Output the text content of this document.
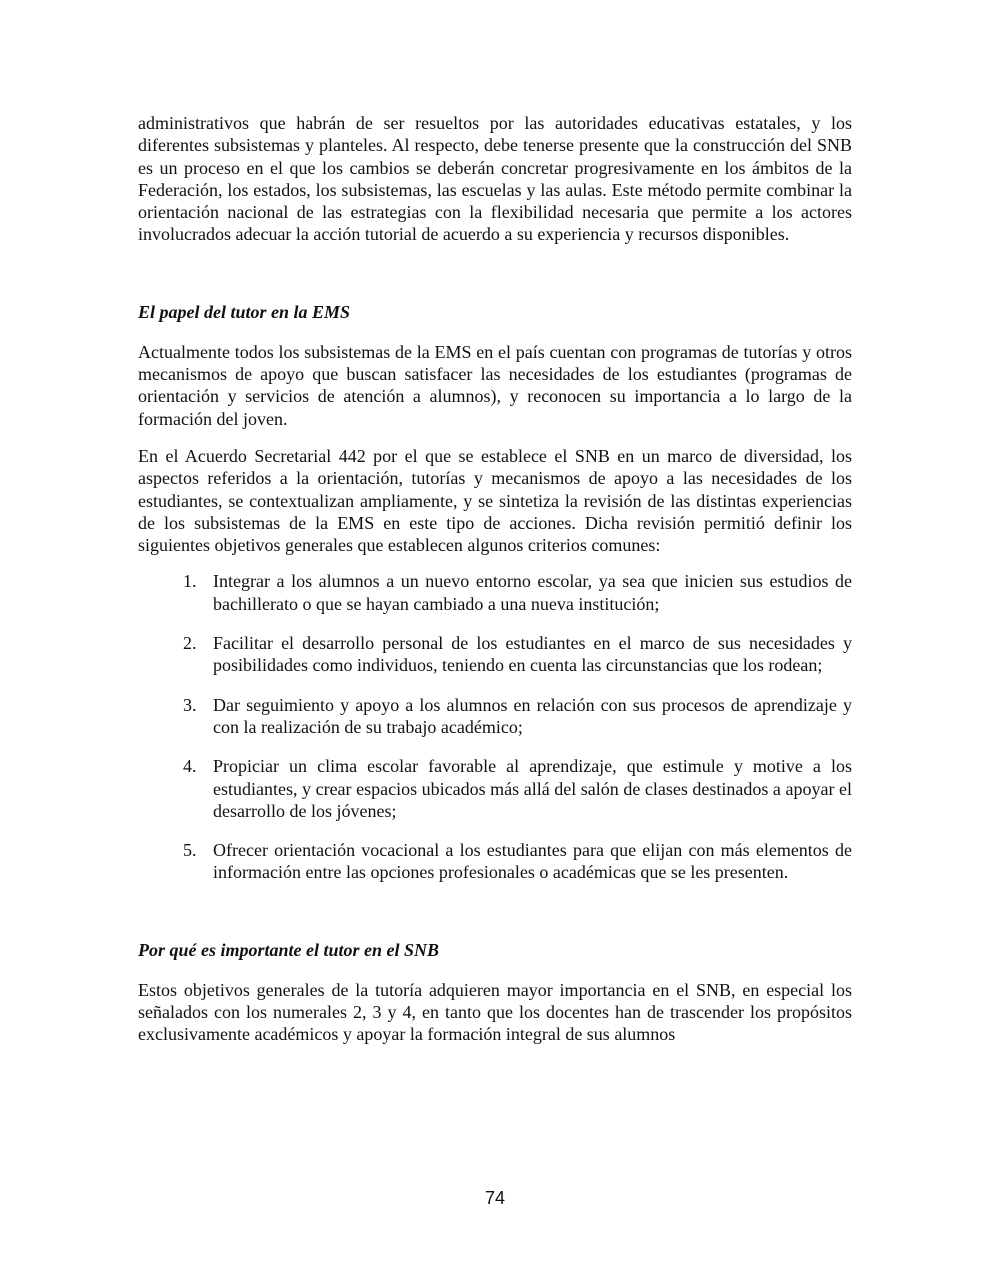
administrativos que habrán de ser resueltos por las autoridades educativas estatales, y los diferentes subsistemas y planteles. Al respecto, debe tenerse presente que la construcción del SNB es un proceso en el que los cambios se deberán concretar progresivamente en los ámbitos de la Federación, los estados, los subsistemas, las escuelas y las aulas. Este método permite combinar la orientación nacional de las estrategias con la flexibilidad necesaria que permite a los actores involucrados adecuar la acción tutorial de acuerdo a su experiencia y recursos disponibles.

El papel del tutor en la EMS

Actualmente todos los subsistemas de la EMS en el país cuentan con programas de tutorías y otros mecanismos de apoyo que buscan satisfacer las necesidades de los estudiantes (programas de orientación y servicios de atención a alumnos), y reconocen su importancia a lo largo de la formación del joven.

En el Acuerdo Secretarial 442 por el que se establece el SNB en un marco de diversidad, los aspectos referidos a la orientación, tutorías y mecanismos de apoyo a las necesidades de los estudiantes, se contextualizan ampliamente, y se sintetiza la revisión de las distintas experiencias de los subsistemas de la EMS en este tipo de acciones. Dicha revisión permitió definir los siguientes objetivos generales que establecen algunos criterios comunes:

1. Integrar a los alumnos a un nuevo entorno escolar, ya sea que inicien sus estudios de bachillerato o que se hayan cambiado a una nueva institución;
2. Facilitar el desarrollo personal de los estudiantes en el marco de sus necesidades y posibilidades como individuos, teniendo en cuenta las circunstancias que los rodean;
3. Dar seguimiento y apoyo a los alumnos en relación con sus procesos de aprendizaje y con la realización de su trabajo académico;
4. Propiciar un clima escolar favorable al aprendizaje, que estimule y motive a los estudiantes, y crear espacios ubicados más allá del salón de clases destinados a apoyar el desarrollo de los jóvenes;
5. Ofrecer orientación vocacional a los estudiantes para que elijan con más elementos de información entre las opciones profesionales o académicas que se les presenten.
Por qué es importante el tutor en el SNB

Estos objetivos generales de la tutoría adquieren mayor importancia en el SNB, en especial los señalados con los numerales 2, 3 y 4, en tanto que los docentes han de trascender los propósitos exclusivamente académicos y apoyar la formación integral de sus alumnos

74
